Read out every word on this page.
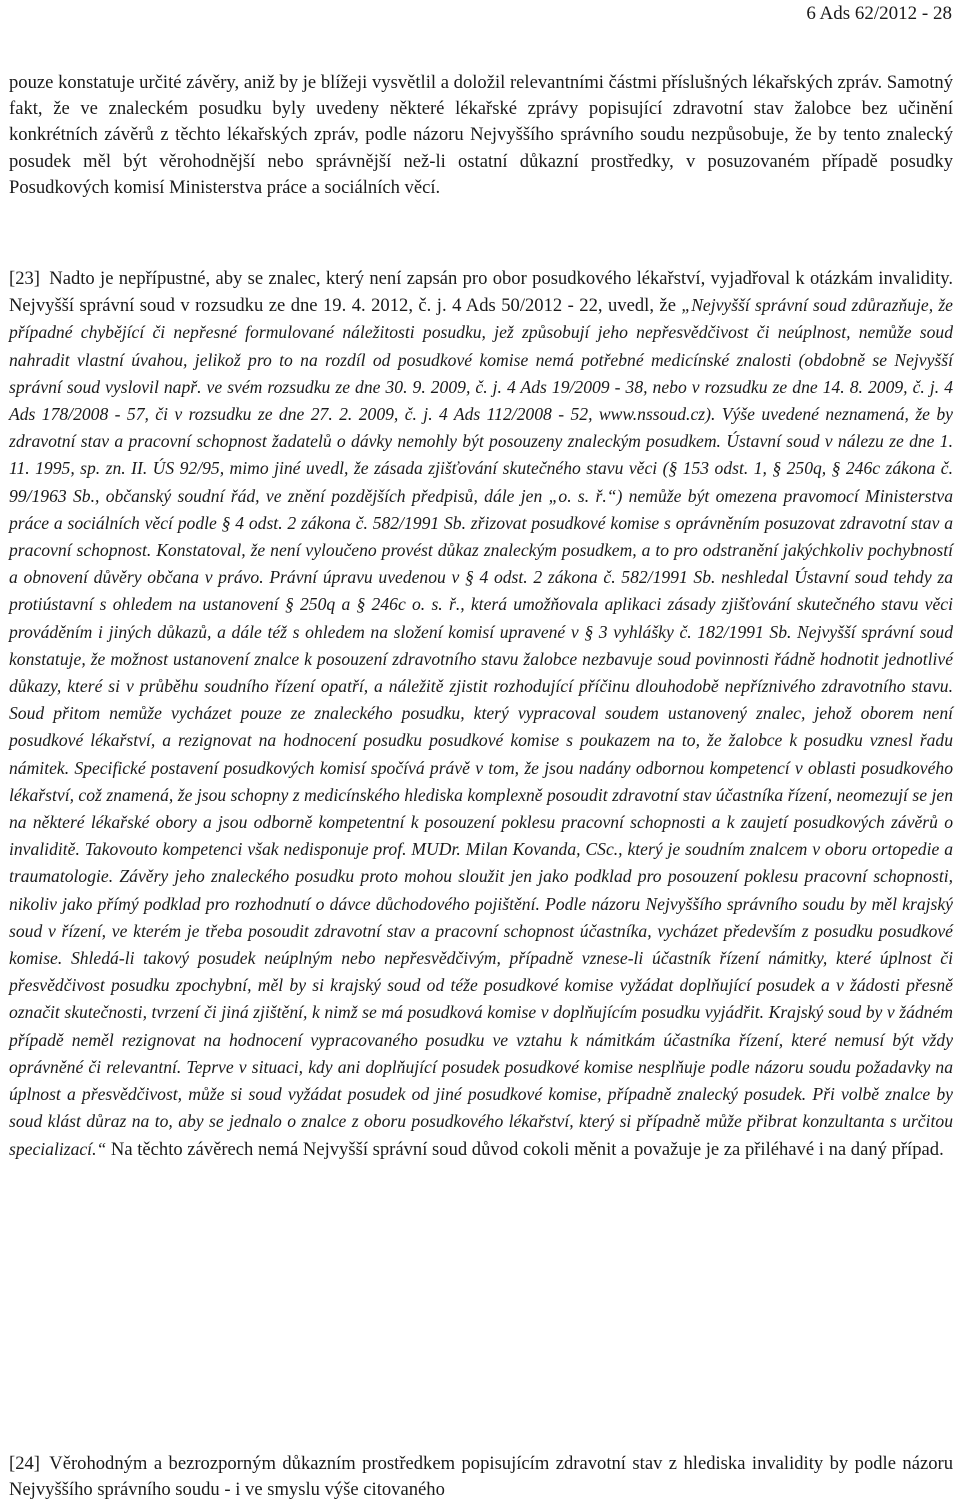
6 Ads 62/2012 - 28

pouze konstatuje určité závěry, aniž by je blížeji vysvětlil a doložil relevantními částmi příslušných lékařských zpráv. Samotný fakt, že ve znaleckém posudku byly uvedeny některé lékařské zprávy popisující zdravotní stav žalobce bez učinění konkrétních závěrů z těchto lékařských zpráv, podle názoru Nejvyššího správního soudu nezpůsobuje, že by tento znalecký posudek měl být věrohodnější nebo správnější než-li ostatní důkazní prostředky, v posuzovaném případě posudky Posudkových komisí Ministerstva práce a sociálních věcí.

[23] Nadto je nepřípustné, aby se znalec, který není zapsán pro obor posudkového lékařství, vyjadřoval k otázkám invalidity. Nejvyšší správní soud v rozsudku ze dne 19. 4. 2012, č. j. 4 Ads 50/2012 - 22, uvedl, že „Nejvyšší správní soud zdůrazňuje, že případné chybějící či nepřesné formulované náležitosti posudku, jež způsobují jeho nepřesvědčivost či neúplnost, nemůže soud nahradit vlastní úvahou, jelikož pro to na rozdíl od posudkové komise nemá potřebné medicínské znalosti (obdobně se Nejvyšší správní soud vyslovil např. ve svém rozsudku ze dne 30. 9. 2009, č. j. 4 Ads 19/2009 - 38, nebo v rozsudku ze dne 14. 8. 2009, č. j. 4 Ads 178/2008 - 57, či v rozsudku ze dne 27. 2. 2009, č. j. 4 Ads 112/2008 - 52, www.nssoud.cz). Výše uvedené neznamená, že by zdravotní stav a pracovní schopnost žadatelů o dávky nemohly být posouzeny znaleckým posudkem. Ústavní soud v nálezu ze dne 1. 11. 1995, sp. zn. II. ÚS 92/95, mimo jiné uvedl, že zásada zjišťování skutečného stavu věci (§ 153 odst. 1, § 250q, § 246c zákona č. 99/1963 Sb., občanský soudní řád, ve znění pozdějších předpisů, dále jen „o. s. ř.“) nemůže být omezena pravomocí Ministerstva práce a sociálních věcí podle § 4 odst. 2 zákona č. 582/1991 Sb. zřizovat posudkové komise s oprávněním posuzovat zdravotní stav a pracovní schopnost. Konstatoval, že není vyloučeno provést důkaz znaleckým posudkem, a to pro odstranění jakýchkoliv pochybností a obnovení důvěry občana v právo. Právní úpravu uvedenou v § 4 odst. 2 zákona č. 582/1991 Sb. neshledal Ústavní soud tehdy za protiústavní s ohledem na ustanovení § 250q a § 246c o. s. ř., která umožňovala aplikaci zásady zjišťování skutečného stavu věci prováděním i jiných důkazů, a dále též s ohledem na složení komisí upravené v § 3 vyhlášky č. 182/1991 Sb. Nejvyšší správní soud konstatuje, že možnost ustanovení znalce k posouzení zdravotního stavu žalobce nezbavuje soud povinnosti řádně hodnotit jednotlivé důkazy, které si v průběhu soudního řízení opatří, a náležitě zjistit rozhodující příčinu dlouhodobě nepříznivého zdravotního stavu. Soud přitom nemůže vycházet pouze ze znaleckého posudku, který vypracoval soudem ustanovený znalec, jehož oborem není posudkové lékařství, a rezignovat na hodnocení posudku posudkové komise s poukazem na to, že žalobce k posudku vznesl řadu námitek. Specifické postavení posudkových komisí spočívá právě v tom, že jsou nadány odbornou kompetencí v oblasti posudkového lékařství, což znamená, že jsou schopny z medicínského hlediska komplexně posoudit zdravotní stav účastníka řízení, neomezují se jen na některé lékařské obory a jsou odborně kompetentní k posouzení poklesu pracovní schopnosti a k zaujetí posudkových závěrů o invaliditě. Takovouto kompetenci však nedisponuje prof. MUDr. Milan Kovanda, CSc., který je soudním znalcem v oboru ortopedie a traumatologie. Závěry jeho znaleckého posudku proto mohou sloužit jen jako podklad pro posouzení poklesu pracovní schopnosti, nikoliv jako přímý podklad pro rozhodnutí o dávce důchodového pojištění. Podle názoru Nejvyššího správního soudu by měl krajský soud v řízení, ve kterém je třeba posoudit zdravotní stav a pracovní schopnost účastníka, vycházet především z posudku posudkové komise. Shledá-li takový posudek neúplným nebo nepřesvědčivým, případně vznese-li účastník řízení námitky, které úplnost či přesvědčivost posudku zpochybní, měl by si krajský soud od téže posudkové komise vyžádat doplňující posudek a v žádosti přesně označit skutečnosti, tvrzení či jiná zjištění, k nimž se má posudková komise v doplňujícím posudku vyjádřit. Krajský soud by v žádném případě neměl rezignovat na hodnocení vypracovaného posudku ve vztahu k námitkám účastníka řízení, které nemusí být vždy oprávněné či relevantní. Teprve v situaci, kdy ani doplňující posudek posudkové komise nesplňuje podle názoru soudu požadavky na úplnost a přesvědčivost, může si soud vyžádat posudek od jiné posudkové komise, případně znalecký posudek. Při volbě znalce by soud klást důraz na to, aby se jednalo o znalce z oboru posudkového lékařství, který si případně může přibrat konzultanta s určitou specializací.“ Na těchto závěrech nemá Nejvyšší správní soud důvod cokoli měnit a považuje je za přiléhavé i na daný případ.

[24] Věrohodným a bezrozporným důkazním prostředkem popisujícím zdravotní stav z hlediska invalidity by podle názoru Nejvyššího správního soudu - i ve smyslu výše citovaného
